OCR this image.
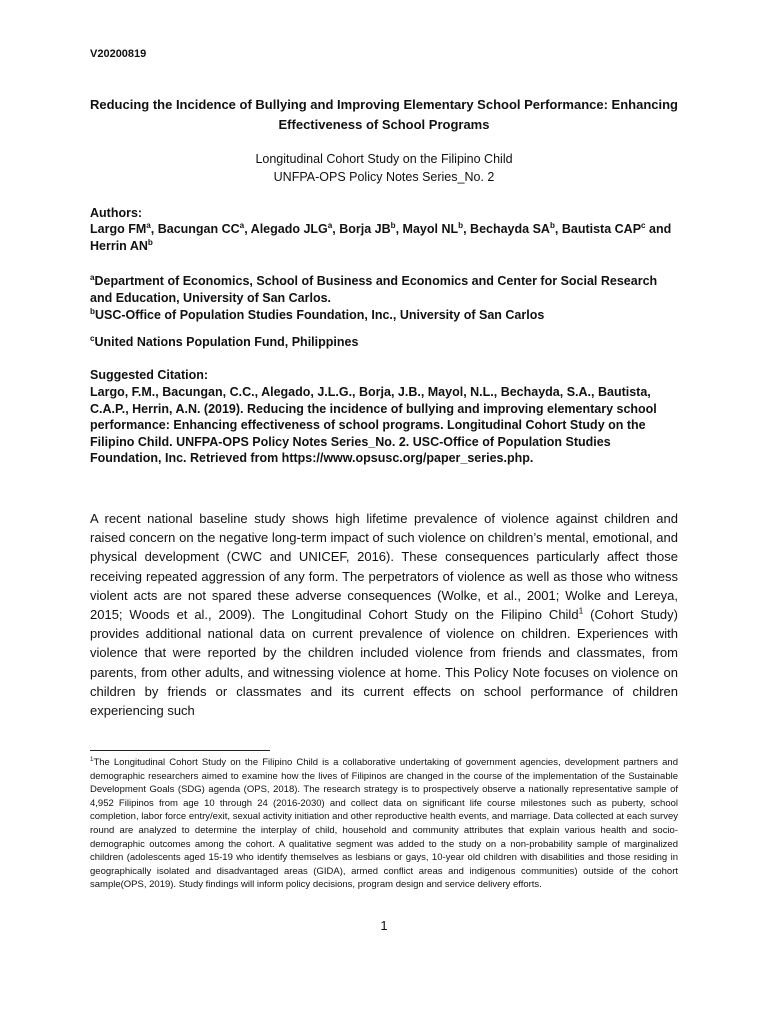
V20200819
Reducing the Incidence of Bullying and Improving Elementary School Performance: Enhancing Effectiveness of School Programs
Longitudinal Cohort Study on the Filipino Child
UNFPA-OPS Policy Notes Series_No. 2
Authors:
Largo $FM^a$, Bacungan $CC^a$, Alegado JLG$^a$, Borja $JB^b$, Mayol $NL^b$, Bechayda $SA^b$, Bautista CAP$^c$ and Herrin $AN^b$
$^a$Department of Economics, School of Business and Economics and Center for Social Research and Education, University of San Carlos.
$^b$USC-Office of Population Studies Foundation, Inc., University of San Carlos
$^c$United Nations Population Fund, Philippines
Suggested Citation:
Largo, F.M., Bacungan, C.C., Alegado, J.L.G., Borja, J.B., Mayol, N.L., Bechayda, S.A., Bautista, C.A.P., Herrin, A.N. (2019). Reducing the incidence of bullying and improving elementary school performance: Enhancing effectiveness of school programs. Longitudinal Cohort Study on the Filipino Child. UNFPA-OPS Policy Notes Series_No. 2. USC-Office of Population Studies Foundation, Inc. Retrieved from https://www.opsusc.org/paper_series.php.
A recent national baseline study shows high lifetime prevalence of violence against children and raised concern on the negative long-term impact of such violence on children’s mental, emotional, and physical development (CWC and UNICEF, 2016). These consequences particularly affect those receiving repeated aggression of any form. The perpetrators of violence as well as those who witness violent acts are not spared these adverse consequences (Wolke, et al., 2001; Wolke and Lereya, 2015; Woods et al., 2009). The Longitudinal Cohort Study on the Filipino Child$^1$ (Cohort Study) provides additional national data on current prevalence of violence on children. Experiences with violence that were reported by the children included violence from friends and classmates, from parents, from other adults, and witnessing violence at home. This Policy Note focuses on violence on children by friends or classmates and its current effects on school performance of children experiencing such
$^1$The Longitudinal Cohort Study on the Filipino Child is a collaborative undertaking of government agencies, development partners and demographic researchers aimed to examine how the lives of Filipinos are changed in the course of the implementation of the Sustainable Development Goals (SDG) agenda (OPS, 2018). The research strategy is to prospectively observe a nationally representative sample of 4,952 Filipinos from age 10 through 24 (2016-2030) and collect data on significant life course milestones such as puberty, school completion, labor force entry/exit, sexual activity initiation and other reproductive health events, and marriage. Data collected at each survey round are analyzed to determine the interplay of child, household and community attributes that explain various health and socio-demographic outcomes among the cohort. A qualitative segment was added to the study on a non-probability sample of marginalized children (adolescents aged 15-19 who identify themselves as lesbians or gays, 10-year old children with disabilities and those residing in geographically isolated and disadvantaged areas (GIDA), armed conflict areas and indigenous communities) outside of the cohort sample(OPS, 2019). Study findings will inform policy decisions, program design and service delivery efforts.
1
